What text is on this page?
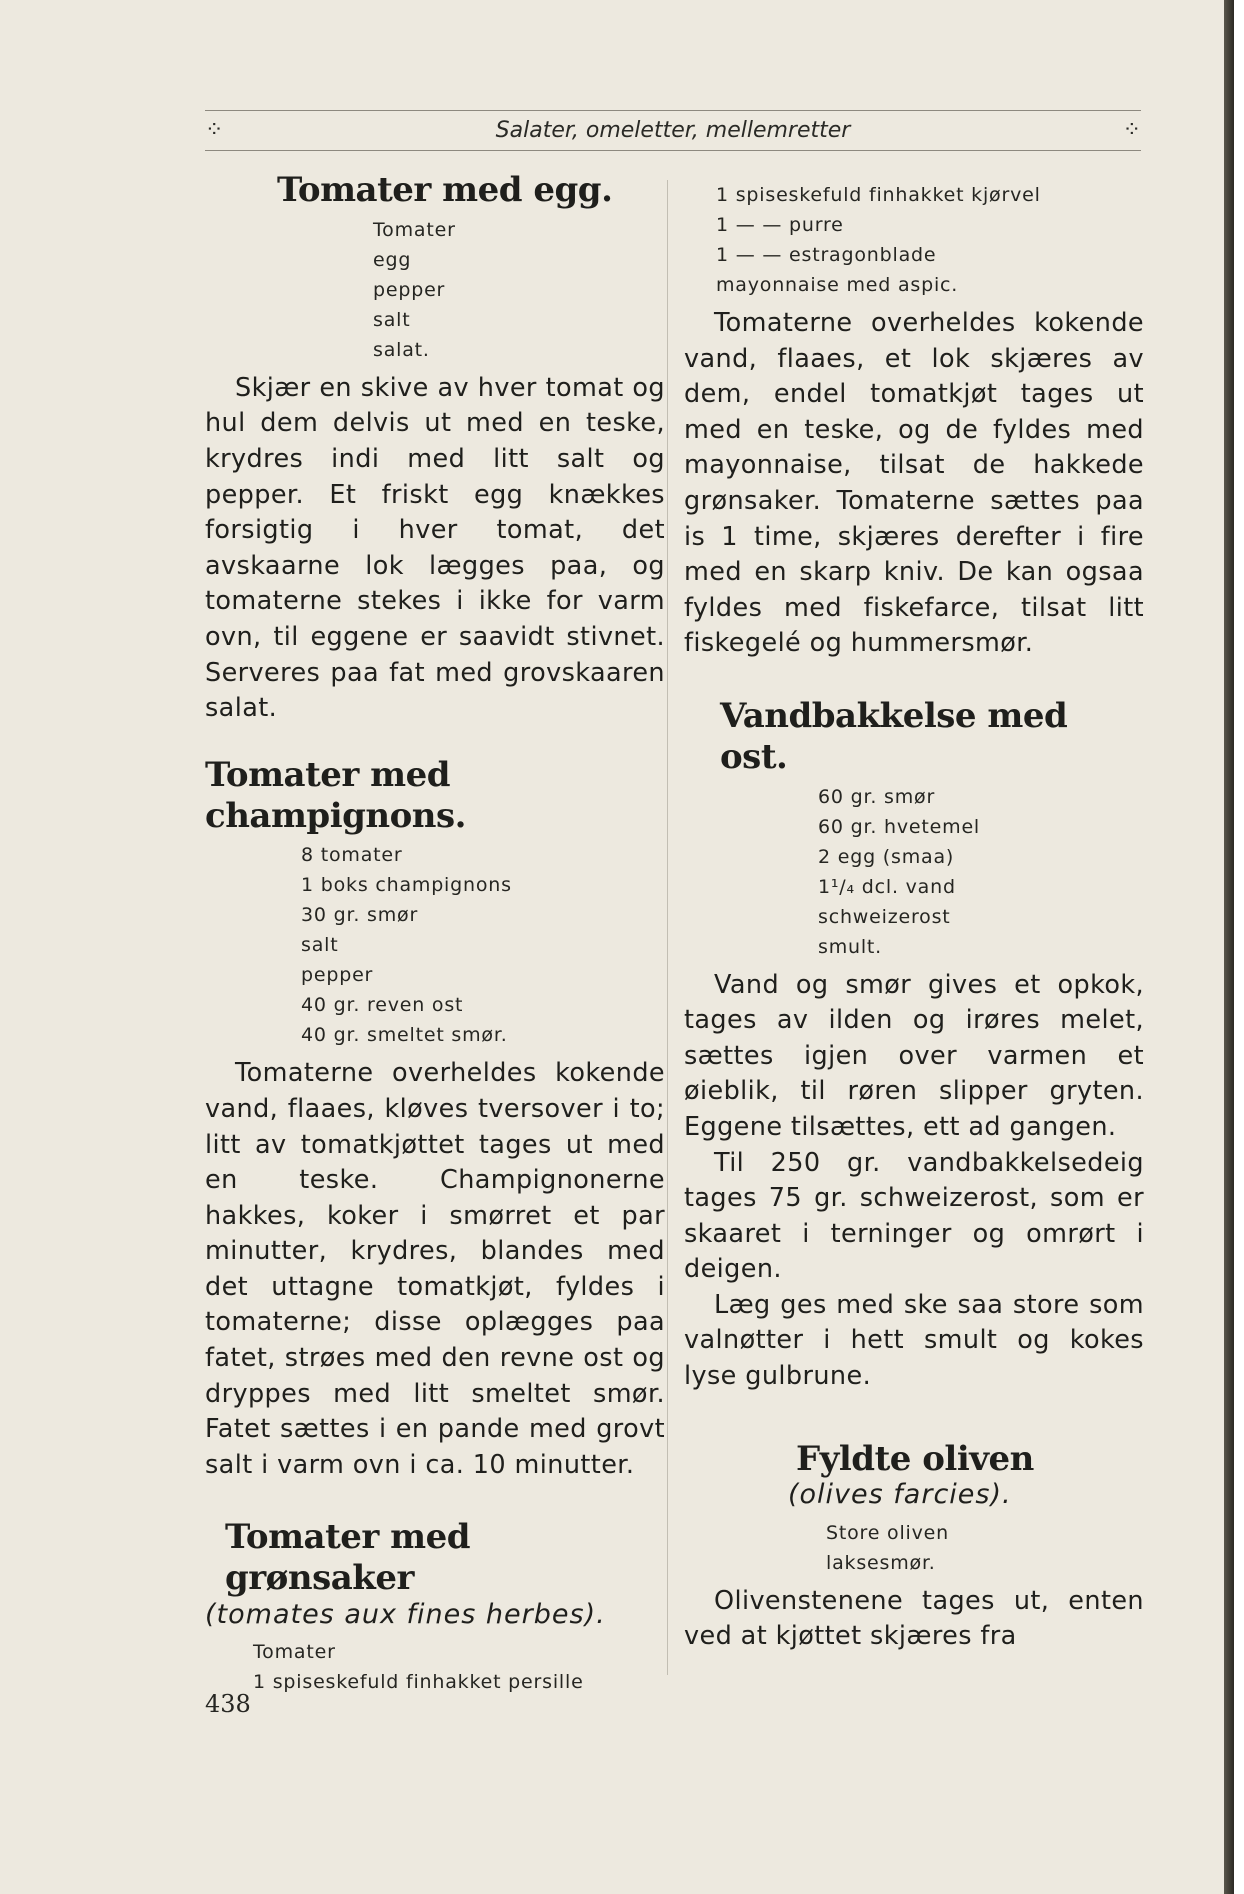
⁘	Salater, omeletter, mellemretter	⁘
Tomater med egg.
Tomater
egg
pepper
salt
salat.

Skjær en skive av hver tomat og hul dem delvis ut med en teske, krydres indi med litt salt og pepper. Et friskt egg knækkes forsigtig i hver tomat, det avskaarne lok lægges paa, og tomaterne stekes i ikke for varm ovn, til eggene er saavidt stivnet. Serveres paa fat med grovskaaren salat.

Tomater med champignons.
8 tomater
1 boks champignons
30 gr. smør
salt
pepper
40 gr. reven ost
40 gr. smeltet smør.

Tomaterne overheldes kokende vand, flaaes, kløves tversover i to; litt av tomatkjøttet tages ut med en teske. Champignonerne hakkes, koker i smørret et par minutter, krydres, blandes med det uttagne tomatkjøt, fyldes i tomaterne; disse oplægges paa fatet, strøes med den revne ost og dryppes med litt smeltet smør. Fatet sættes i en pande med grovt salt i varm ovn i ca. 10 minutter.

Tomater med grønsaker
(tomates aux fines herbes).
Tomater
1 spiseskefuld finhakket persille
1 spiseskefuld finhakket kjørvel
1 — — purre
1 — — estragonblade
mayonnaise med aspic.

Tomaterne overheldes kokende vand, flaaes, et lok skjæres av dem, endel tomatkjøt tages ut med en teske, og de fyldes med mayonnaise, tilsat de hakkede grønsaker. Tomaterne sættes paa is 1 time, skjæres derefter i fire med en skarp kniv. De kan ogsaa fyldes med fiskefarce, tilsat litt fiskegelé og hummersmør.

Vandbakkelse med ost.
60 gr. smør
60 gr. hvetemel
2 egg (smaa)
1¹/₄ dcl. vand
schweizerost
smult.

Vand og smør gives et opkok, tages av ilden og irøres melet, sættes igjen over varmen et øieblik, til røren slipper gryten. Eggene tilsættes, ett ad gangen.

Til 250 gr. vandbakkelsedeig tages 75 gr. schweizerost, som er skaaret i terninger og omrørt i deigen.

Læg ges med ske saa store som valnøtter i hett smult og kokes lyse gulbrune.

Fyldte oliven
(olives farcies).
Store oliven
laksesmør.

Olivenstenene tages ut, enten ved at kjøttet skjæres fra

438
